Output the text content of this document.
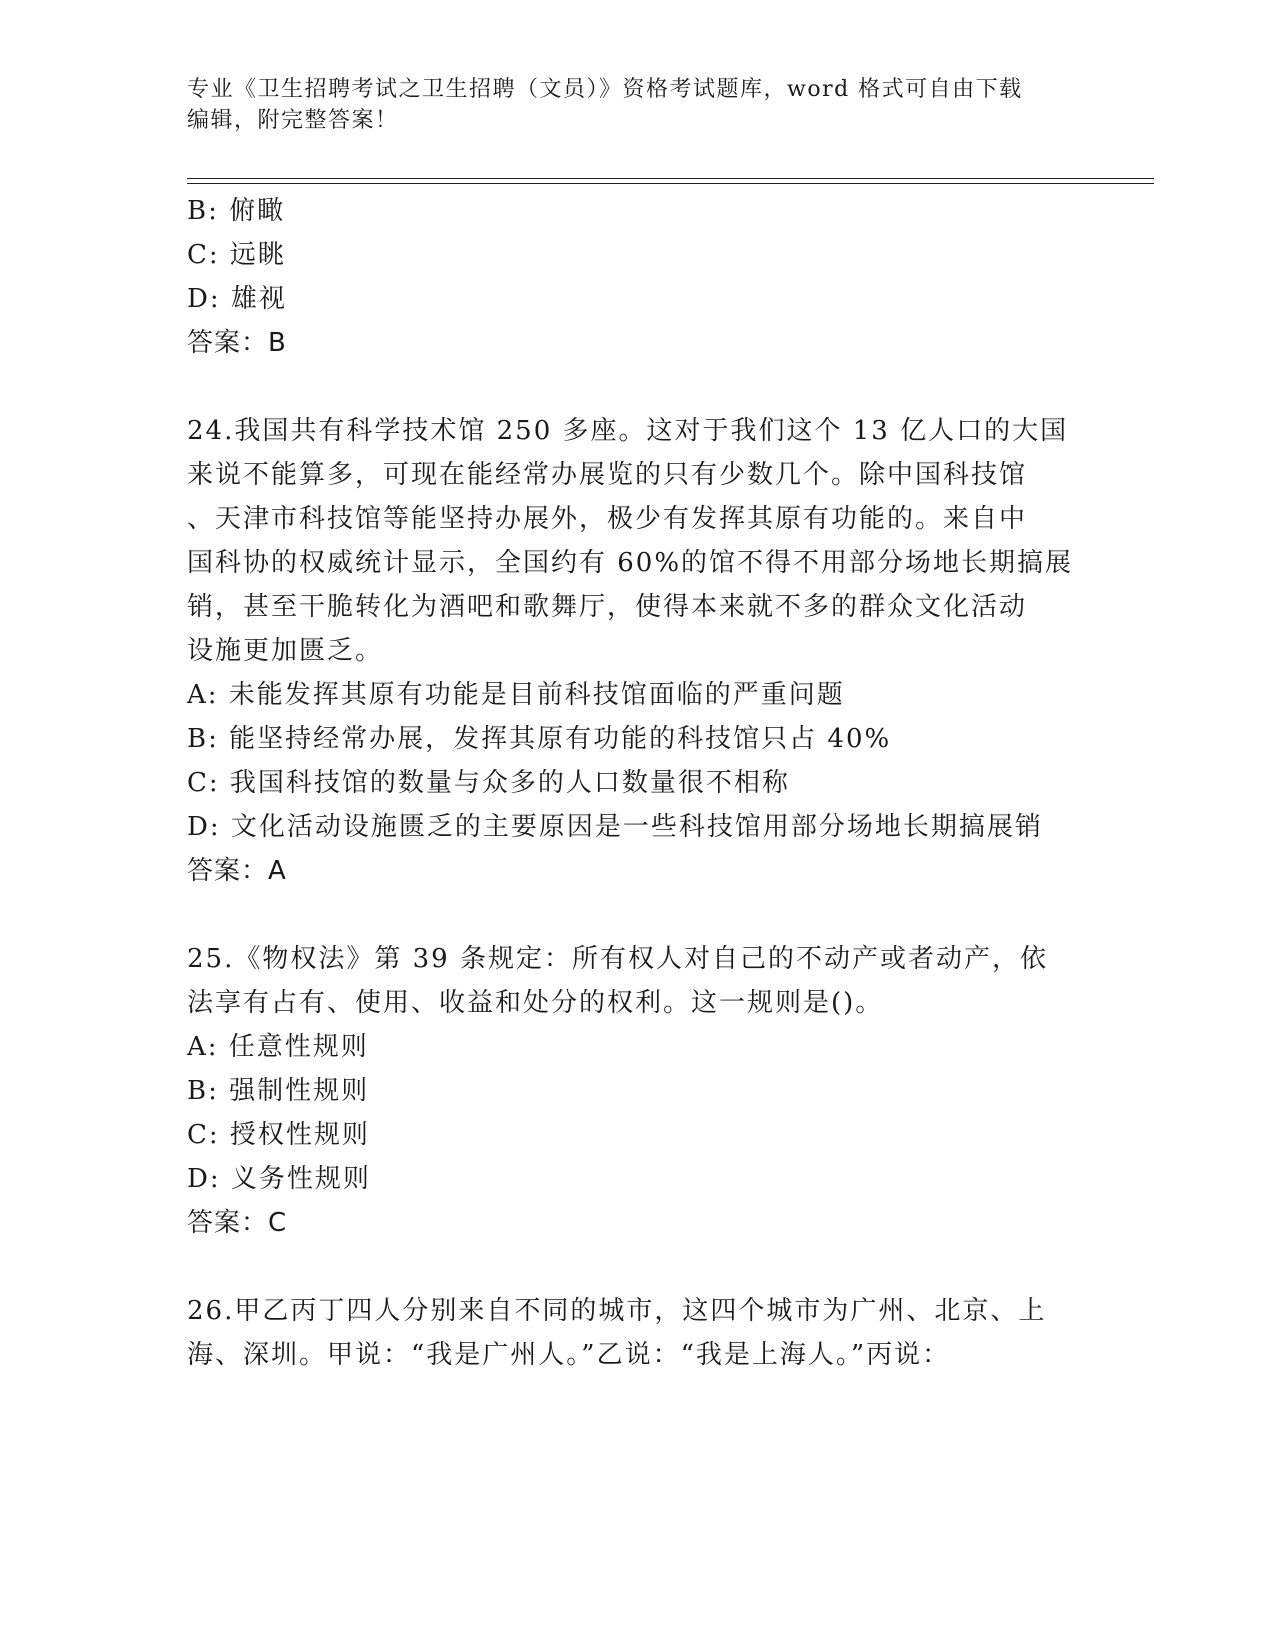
专业《卫生招聘考试之卫生招聘（文员）》资格考试题库，word 格式可自由下载
编辑，附完整答案！
B: 俯瞰
C: 远眺
D: 雄视
答案：B
24.我国共有科学技术馆 250 多座。这对于我们这个 13 亿人口的大国
来说不能算多，可现在能经常办展览的只有少数几个。除中国科技馆
、天津市科技馆等能坚持办展外，极少有发挥其原有功能的。来自中
国科协的权威统计显示，全国约有 60%的馆不得不用部分场地长期搞展
销，甚至干脆转化为酒吧和歌舞厅，使得本来就不多的群众文化活动
设施更加匮乏。
A: 未能发挥其原有功能是目前科技馆面临的严重问题
B: 能坚持经常办展，发挥其原有功能的科技馆只占 40%
C: 我国科技馆的数量与众多的人口数量很不相称
D: 文化活动设施匮乏的主要原因是一些科技馆用部分场地长期搞展销
答案：A
25.《物权法》第 39 条规定：所有权人对自己的不动产或者动产，依
法享有占有、使用、收益和处分的权利。这一规则是()。
A: 任意性规则
B: 强制性规则
C: 授权性规则
D: 义务性规则
答案：C
26.甲乙丙丁四人分别来自不同的城市，这四个城市为广州、北京、上
海、深圳。甲说：“我是广州人。”乙说：“我是上海人。”丙说：
